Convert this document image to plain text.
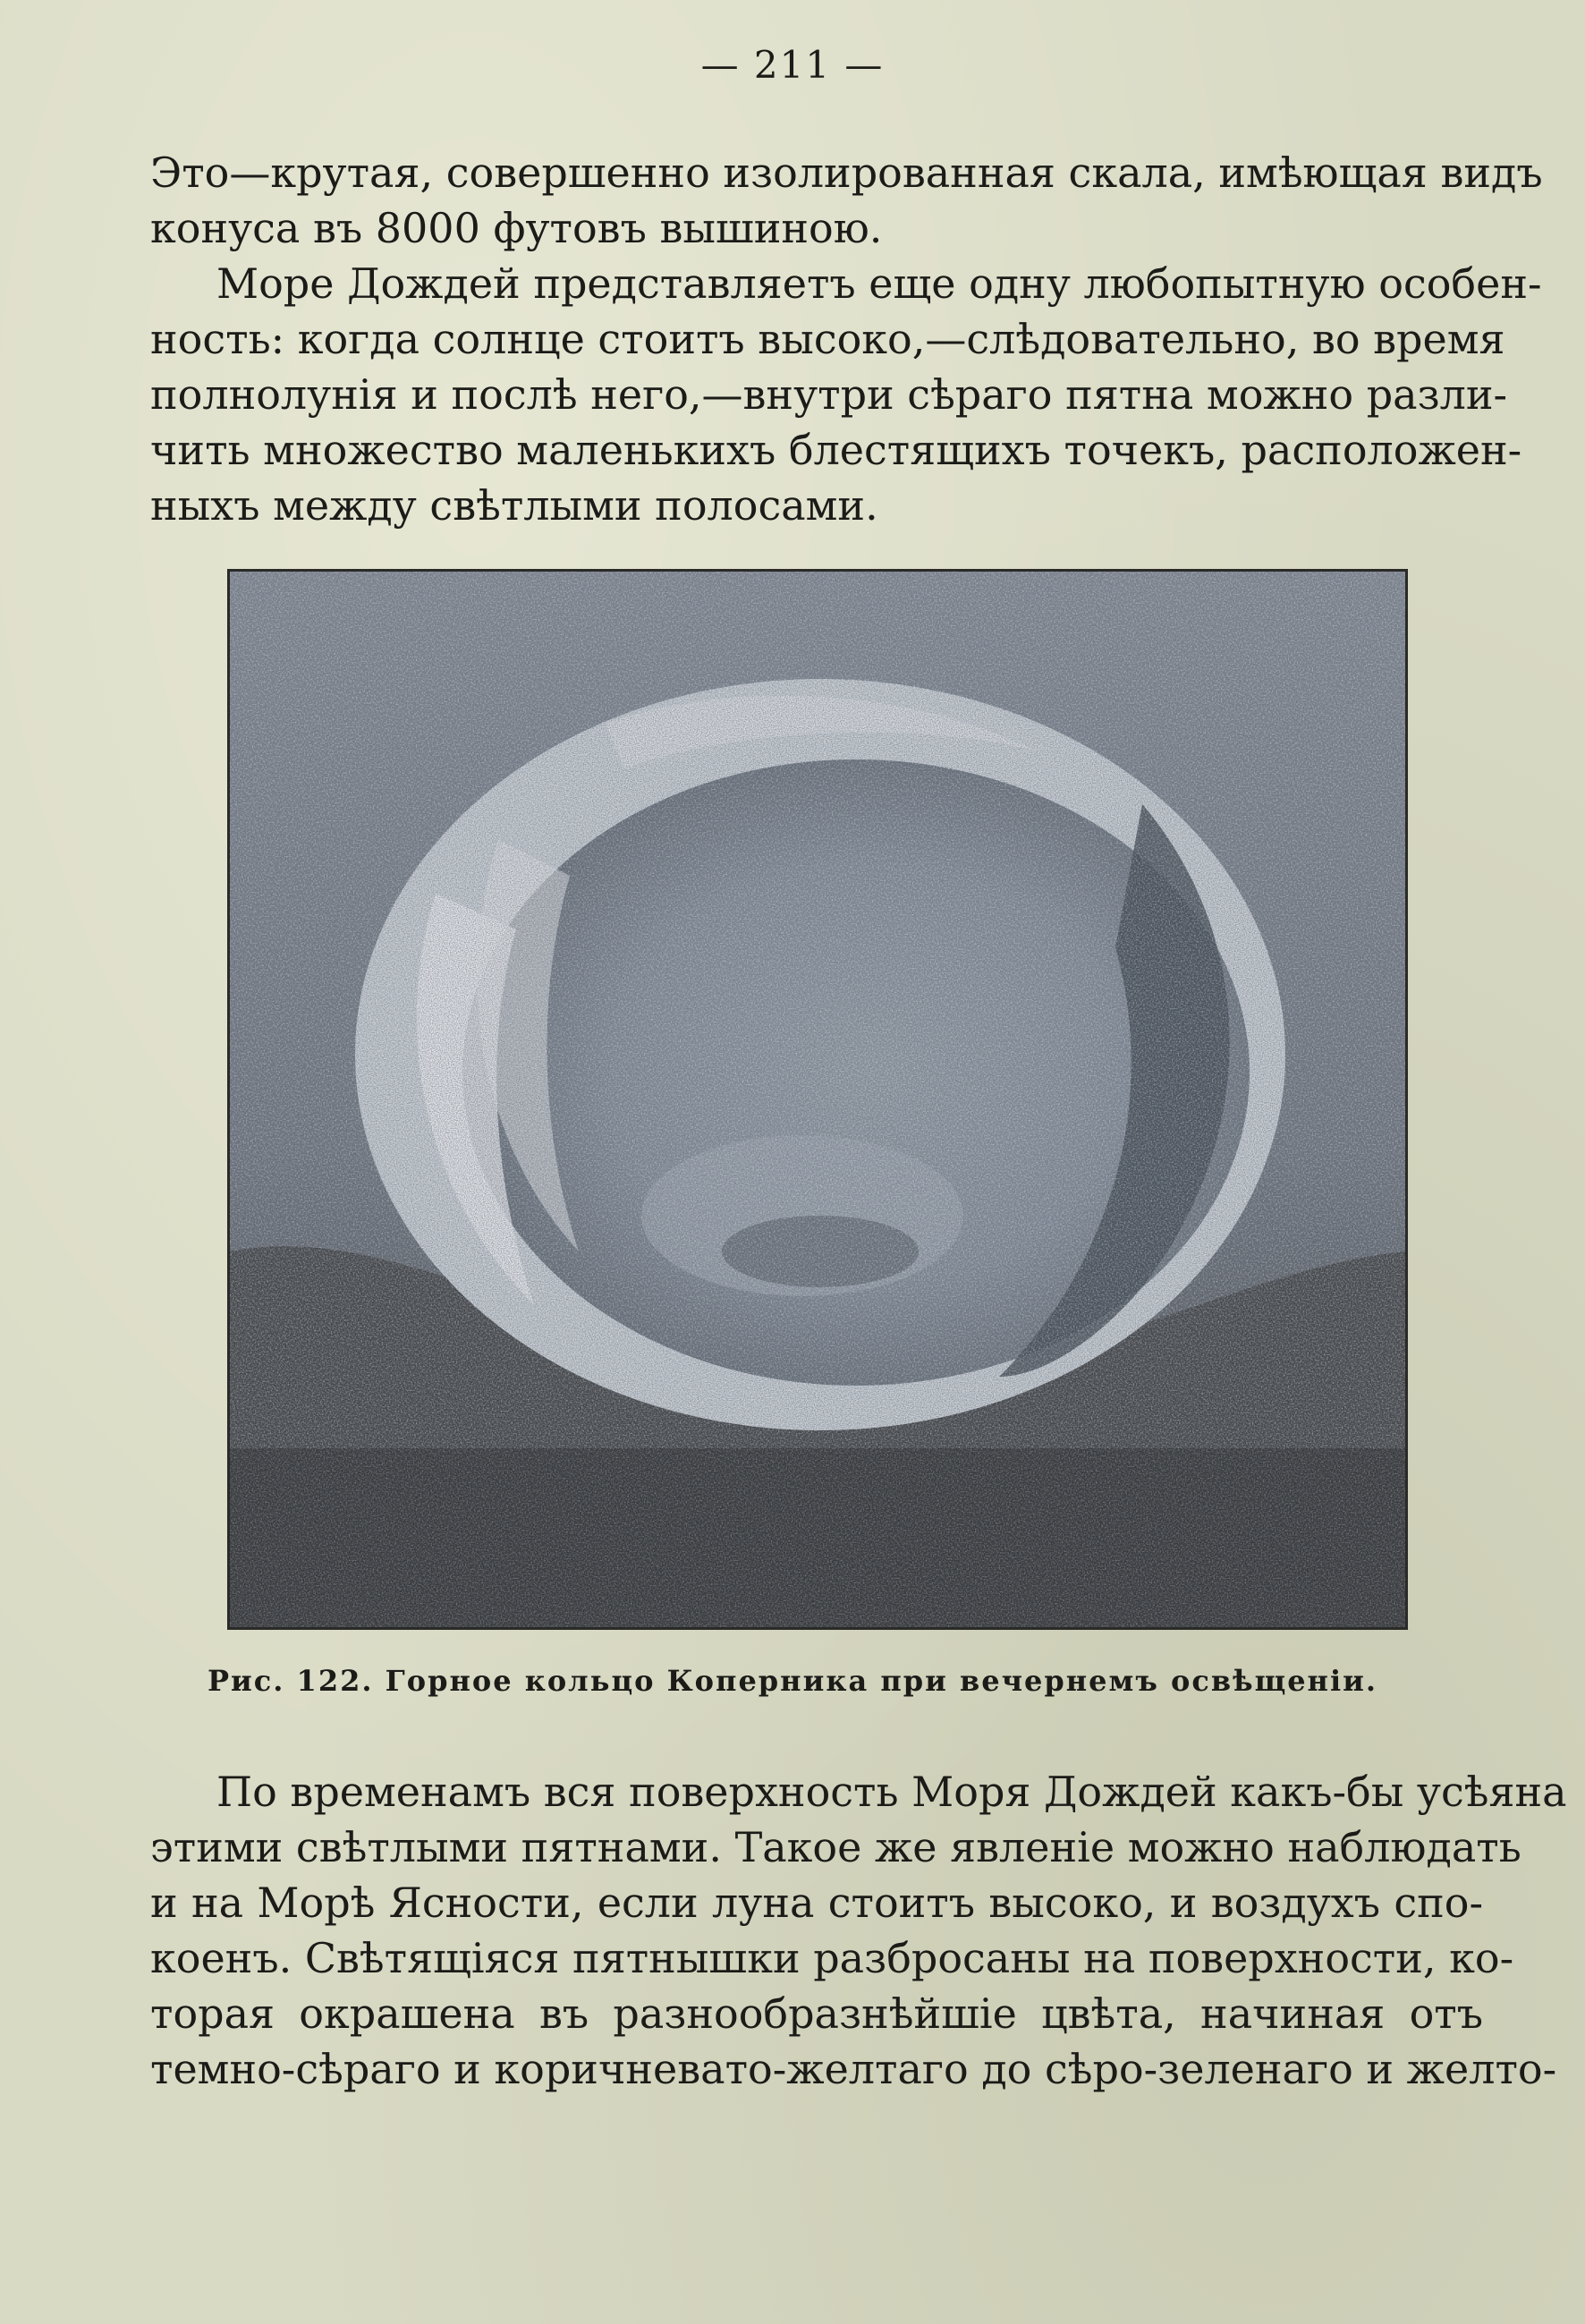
— 211 —
Это—крутая, совершенно изолированная скала, имѣющая видъ
конуса въ 8000 футовъ вышиною.
Море Дождей представляетъ еще одну любопытную особен-
ность: когда солнце стоитъ высоко,—слѣдовательно, во время
полнолунія и послѣ него,—внутри сѣраго пятна можно разли-
чить множество маленькихъ блестящихъ точекъ, расположен-
ныхъ между свѣтлыми полосами.
Рис. 122. Горное кольцо Коперника при вечернемъ освѣщеніи.
По временамъ вся поверхность Моря Дождей какъ-бы усѣяна
этими свѣтлыми пятнами. Такое же явленіе можно наблюдать
и на Морѣ Ясности, если луна стоитъ высоко, и воздухъ спо-
коенъ. Свѣтящіяся пятнышки разбросаны на поверхности, ко-
торая окрашена въ разнообразнѣйшіе цвѣта, начиная отъ
темно-сѣраго и коричневато-желтаго до сѣро-зеленаго и желто-
